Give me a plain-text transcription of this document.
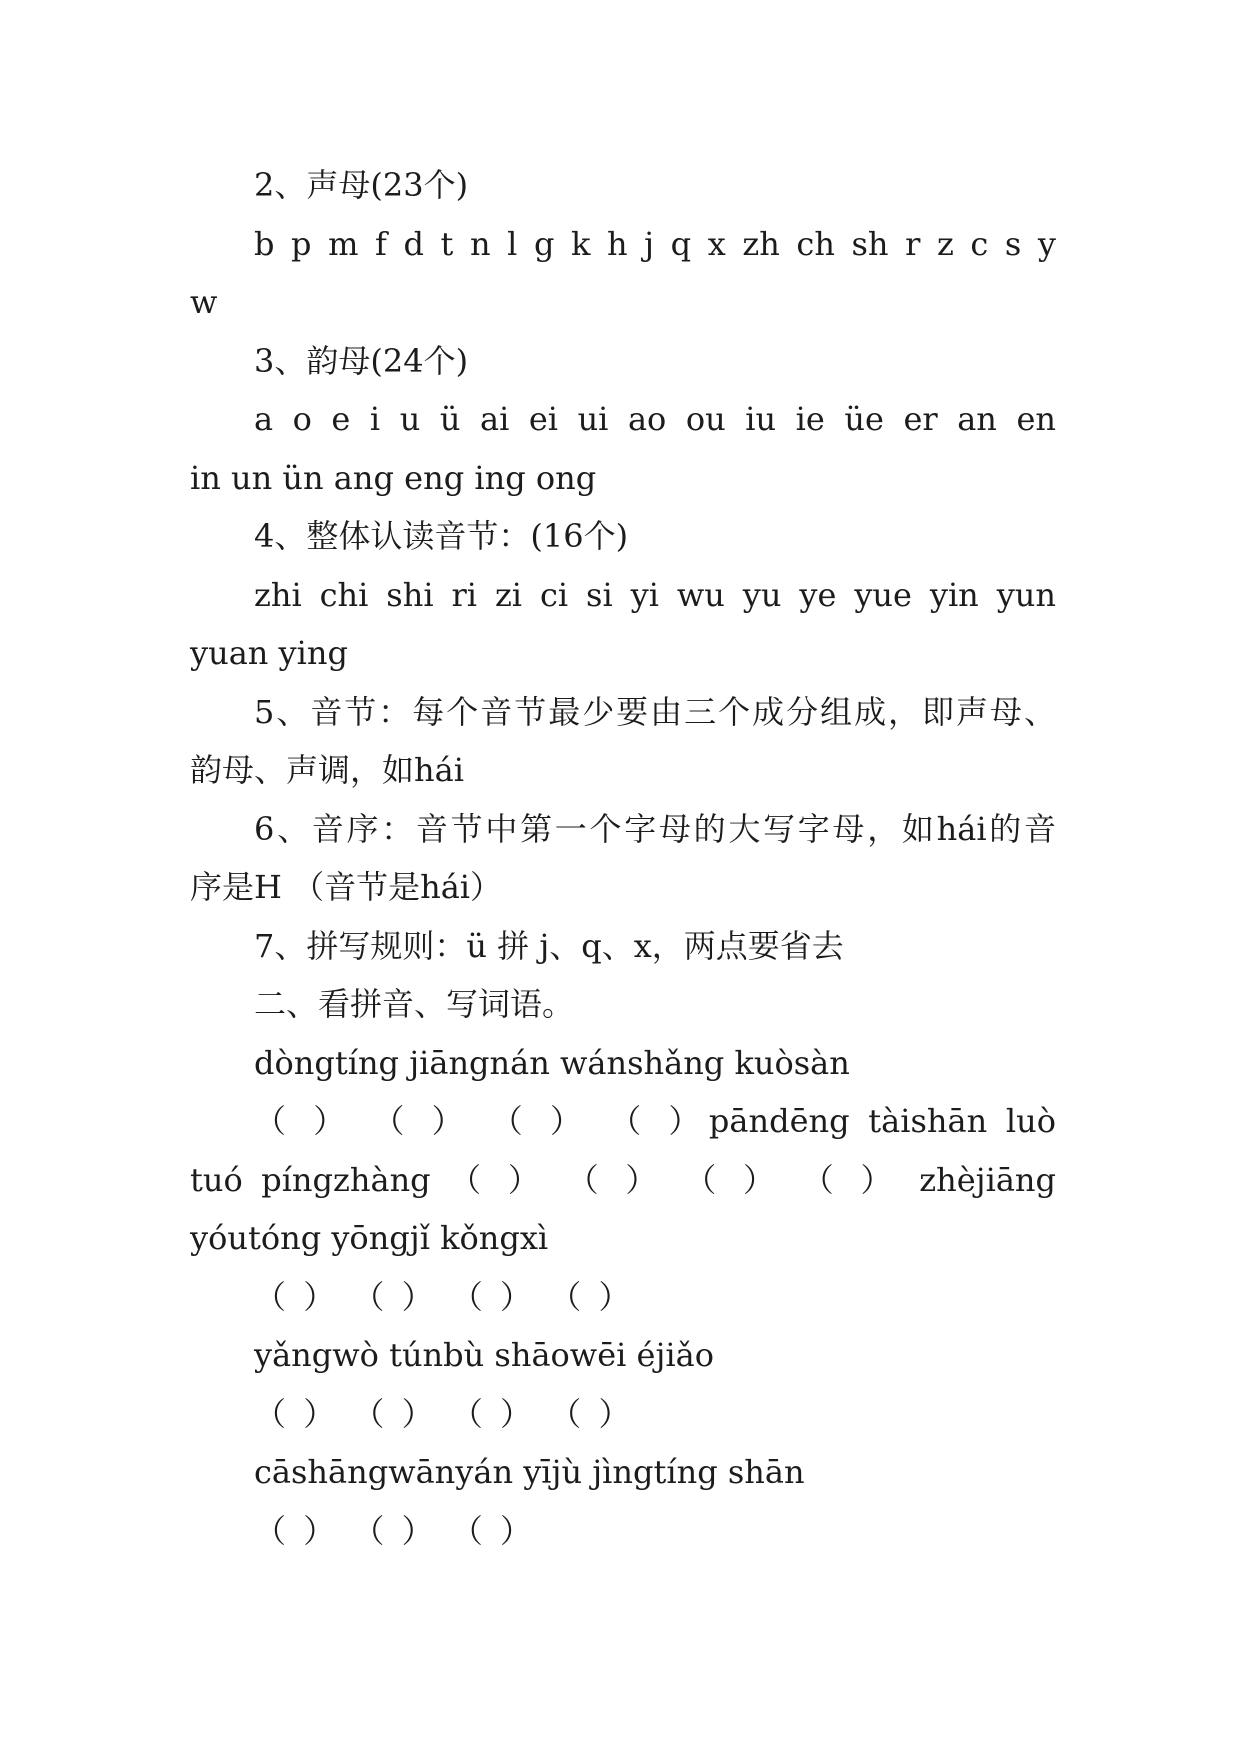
2、声母(23个)
b p m f d t n l g k h j q x zh ch sh r z c s y
w
3、韵母(24个)
a o e i u ü ai ei ui ao ou iu ie üe er an en
in un ün ang eng ing ong
4、整体认读音节：(16个)
zhi chi shi ri zi ci si yi wu yu ye yue yin yun
yuan ying
5、音节：每个音节最少要由三个成分组成，即声母、
韵母、声调，如hái
6、音序：音节中第一个字母的大写字母，如hái的音
序是H （音节是hái）
7、拼写规则：ü 拼 j、q、x，两点要省去
二、看拼音、写词语。
dòngtíng jiāngnán wánshǎng kuòsàn
（ ） （ ） （ ） （ ）pāndēng tàishān luò
tuó píngzhàng （ ） （ ） （ ） （ ） zhèjiāng
yóutóng yōngjǐ kǒngxì
（ ） （ ） （ ） （ ）
yǎngwò túnbù shāowēi éjiǎo
（ ） （ ） （ ） （ ）
cāshāngwānyán yījù jìngtíng shān
（ ） （ ） （ ）
